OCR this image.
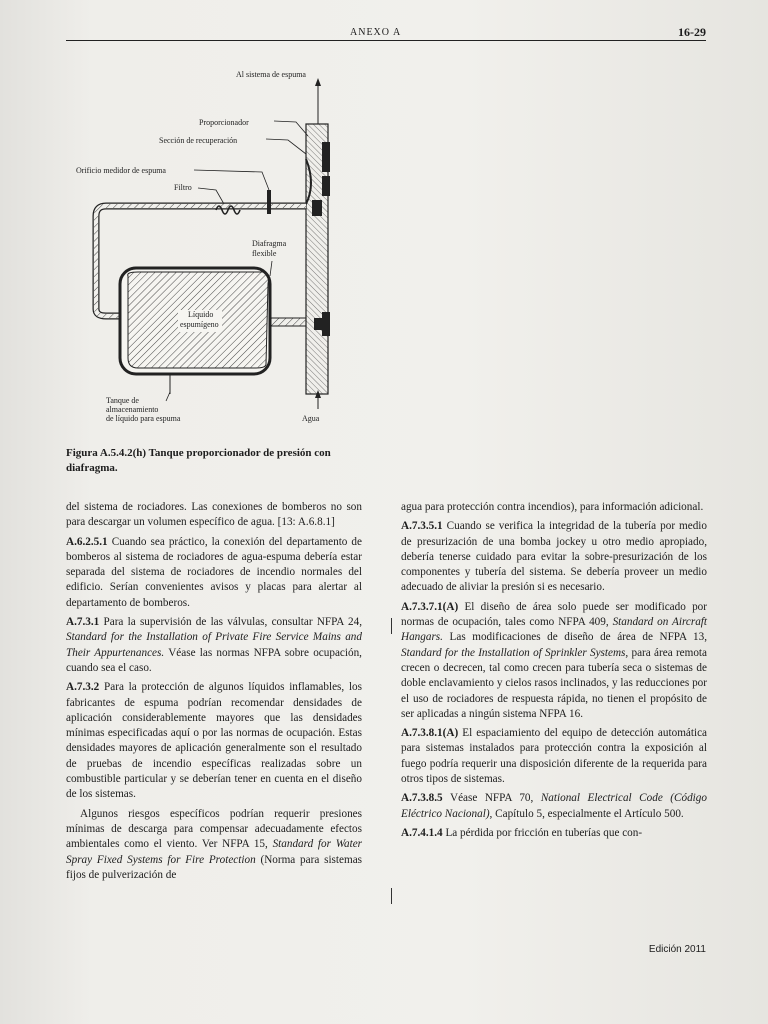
ANEXO A	16-29
Al sistema de espuma
Proporcionador
Sección de recuperación
Orificio medidor de espuma
Filtro
Diafragma
flexible
Líquido
espumígeno
Tanque de
almacenamiento
de líquido para espuma	Agua
Figura A.5.4.2(h) Tanque proporcionador de presión con diafragma.

del sistema de rociadores. Las conexiones de bomberos no son para descargar un volumen específico de agua. [13: A.6.8.1]

A.6.2.5.1 Cuando sea práctico, la conexión del departamento de bomberos al sistema de rociadores de agua-espuma debería estar separada del sistema de rociadores de incendio normales del edificio. Serían convenientes avisos y placas para alertar al departamento de bomberos.

A.7.3.1 Para la supervisión de las válvulas, consultar NFPA 24, Standard for the Installation of Private Fire Service Mains and Their Appurtenances. Véase las normas NFPA sobre ocupación, cuando sea el caso.

A.7.3.2 Para la protección de algunos líquidos inflamables, los fabricantes de espuma podrían recomendar densidades de aplicación considerablemente mayores que las densidades mínimas especificadas aquí o por las normas de ocupación. Estas densidades mayores de aplicación generalmente son el resultado de pruebas de incendio específicas realizadas sobre un combustible particular y se deberían tener en cuenta en el diseño de los sistemas.

Algunos riesgos específicos podrían requerir presiones mínimas de descarga para compensar adecuadamente efectos ambientales como el viento. Ver NFPA 15, Standard for Water Spray Fixed Systems for Fire Protection (Norma para sistemas fijos de pulverización de

agua para protección contra incendios), para información adicional.

A.7.3.5.1 Cuando se verifica la integridad de la tubería por medio de presurización de una bomba jockey u otro medio apropiado, debería tenerse cuidado para evitar la sobre-presurización de los componentes y tubería del sistema. Se debería proveer un medio adecuado de aliviar la presión si es necesario.

A.7.3.7.1(A) El diseño de área solo puede ser modificado por normas de ocupación, tales como NFPA 409, Standard on Aircraft Hangars. Las modificaciones de diseño de área de NFPA 13, Standard for the Installation of Sprinkler Systems, para área remota crecen o decrecen, tal como crecen para tubería seca o sistemas de doble enclavamiento y cielos rasos inclinados, y las reducciones por el uso de rociadores de respuesta rápida, no tienen el propósito de ser aplicadas a ningún sistema NFPA 16.

A.7.3.8.1(A) El espaciamiento del equipo de detección automática para sistemas instalados para protección contra la exposición al fuego podría requerir una disposición diferente de la requerida para otros tipos de sistemas.

A.7.3.8.5 Véase NFPA 70, National Electrical Code (Código Eléctrico Nacional), Capítulo 5, especialmente el Artículo 500.

A.7.4.1.4 La pérdida por fricción en tuberías que con-

Edición 2011
